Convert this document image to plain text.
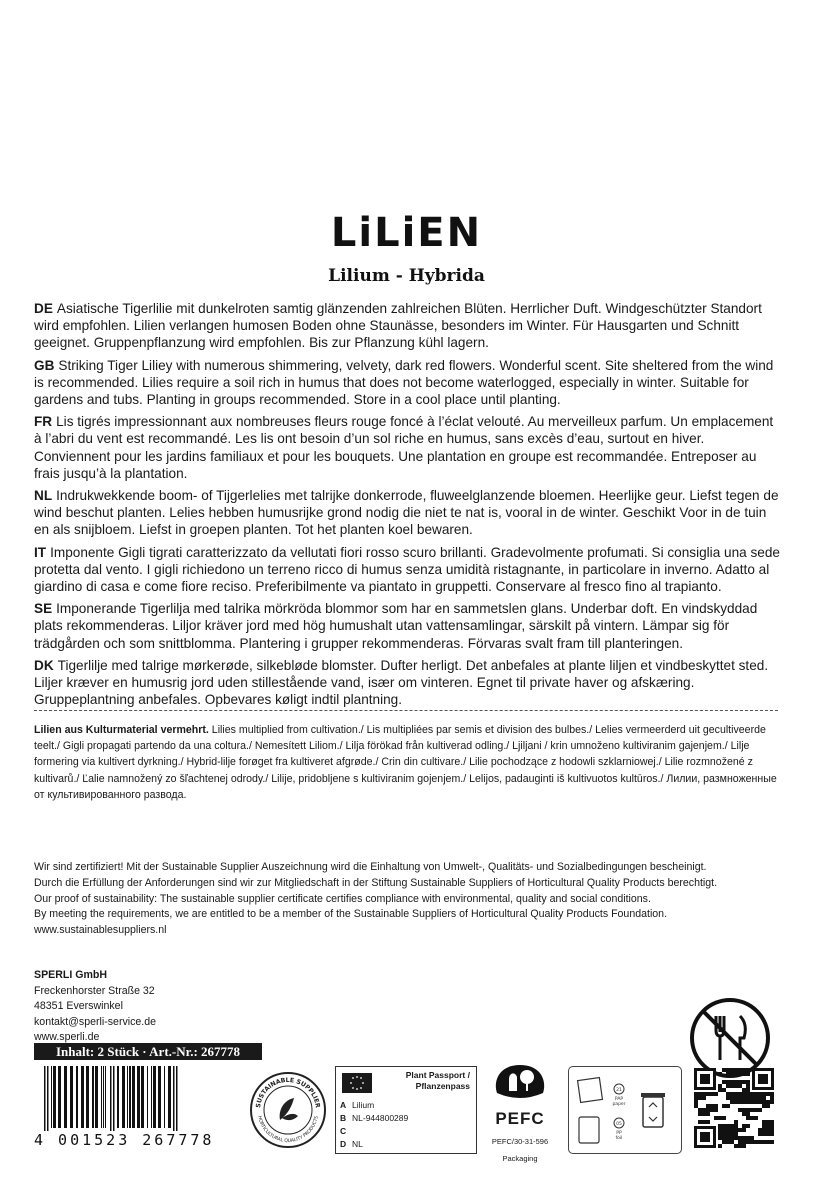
LiLiEN
Lilium - Hybrida

DE Asiatische Tigerlilie mit dunkelroten samtig glänzenden zahlreichen Blüten. Herrlicher Duft. Windgeschützter Standort wird empfohlen. Lilien verlangen humosen Boden ohne Staunässe, besonders im Winter. Für Hausgarten und Schnitt geeignet. Gruppenpflanzung wird empfohlen. Bis zur Pflanzung kühl lagern.

GB Striking Tiger Liliey with numerous shimmering, velvety, dark red flowers. Wonderful scent. Site sheltered from the wind is recommended. Lilies require a soil rich in humus that does not become waterlogged, especially in winter. Suitable for gardens and tubs. Planting in groups recommended. Store in a cool place until planting.

FR Lis tigrés impressionnant aux nombreuses fleurs rouge foncé à l’éclat velouté. Au merveilleux parfum. Un emplacement à l’abri du vent est recommandé. Les lis ont besoin d’un sol riche en humus, sans excès d’eau, surtout en hiver. Conviennent pour les jardins familiaux et pour les bouquets. Une plantation en groupe est recommandée. Entreposer au frais jusqu’à la plantation.

NL Indrukwekkende boom- of Tijgerlelies met talrijke donkerrode, fluweelglanzende bloemen. Heerlijke geur. Liefst tegen de wind beschut planten. Lelies hebben humusrijke grond nodig die niet te nat is, vooral in de winter. Geschikt Voor in de tuin en als snijbloem. Liefst in groepen planten. Tot het planten koel bewaren.

IT Imponente Gigli tigrati caratterizzato da vellutati fiori rosso scuro brillanti. Gradevolmente profumati. Si consiglia una sede protetta dal vento. I gigli richiedono un terreno ricco di humus senza umidità ristagnante, in particolare in inverno. Adatto al giardino di casa e come fiore reciso. Preferibilmente va piantato in gruppetti. Conservare al fresco fino al trapianto.

SE Imponerande Tigerlilja med talrika mörkröda blommor som har en sammetslen glans. Underbar doft. En vindskyddad plats rekommenderas. Liljor kräver jord med hög humushalt utan vattensamlingar, särskilt på vintern. Lämpar sig för trädgården och som snittblomma. Plantering i grupper rekommenderas. Förvaras svalt fram till planteringen.

DK Tigerlilje med talrige mørkerøde, silkebløde blomster. Dufter herligt. Det anbefales at plante liljen et vindbeskyttet sted. Liljer kræver en humusrig jord uden stillestående vand, især om vinteren. Egnet til private haver og afskæring. Gruppeplantning anbefales. Opbevares køligt indtil plantning.

Lilien aus Kulturmaterial vermehrt. Lilies multiplied from cultivation./ Lis multipliées par semis et division des bulbes./ Lelies vermeerderd uit gecultiveerde teelt./ Gigli propagati partendo da una coltura./ Nemesített Liliom./ Lilja förökad från kultiverad odling./ Ljiljani / krin umnoženo kultiviranim gajenjem./ Lilje formering via kultivert dyrkning./ Hybrid-lilje forøget fra kultiveret afgrøde./ Crin din cultivare./ Lilie pochodzące z hodowli szklarniowej./ Lilie rozmnožené z kultivarů./ Ľalie namnožený zo šľachtenej odrody./ Lilije, pridobljene s kultiviranim gojenjem./ Lelijos, padauginti iš kultivuotos kultūros./ Лилии, размноженные от культивированного развода.
Wir sind zertifiziert! Mit der Sustainable Supplier Auszeichnung wird die Einhaltung von Umwelt-, Qualitäts- und Sozialbedingungen bescheinigt.
Durch die Erfüllung der Anforderungen sind wir zur Mitgliedschaft in der Stiftung Sustainable Suppliers of Horticultural Quality Products berechtigt.
Our proof of sustainability: The sustainable supplier certificate certifies compliance with environmental, quality and social conditions.
By meeting the requirements, we are entitled to be a member of the Sustainable Suppliers of Horticultural Quality Products Foundation.
www.sustainablesuppliers.nl
SPERLI GmbH
Freckenhorster Straße 32
48351 Everswinkel
kontakt@sperli-service.de
www.sperli.de
Inhalt: 2 Stück · Art.-Nr.: 267778
4 001523 267778
SUSTAINABLE SUPPLIER
HORTICULTURAL QUALITY PRODUCTS
Plant Passport /
Pflanzenpass
A Lilium
B NL-944800289
C
D NL
PEFC
PEFC/30-31-596
Packaging
21
PAP
paper
05
PP
foil
